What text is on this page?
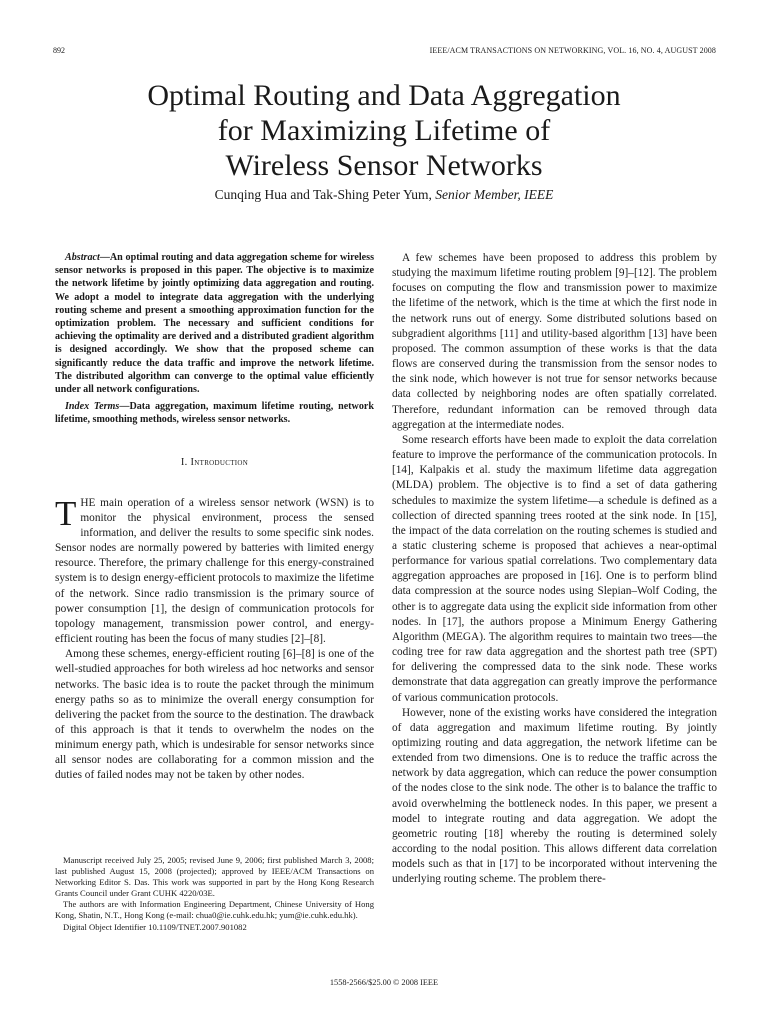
892	IEEE/ACM TRANSACTIONS ON NETWORKING, VOL. 16, NO. 4, AUGUST 2008
Optimal Routing and Data Aggregation
for Maximizing Lifetime of
Wireless Sensor Networks
Cunqing Hua and Tak-Shing Peter Yum, Senior Member, IEEE

Abstract—An optimal routing and data aggregation scheme for wireless sensor networks is proposed in this paper. The objective is to maximize the network lifetime by jointly optimizing data aggregation and routing. We adopt a model to integrate data aggregation with the underlying routing scheme and present a smoothing approximation function for the optimization problem. The necessary and sufficient conditions for achieving the optimality are derived and a distributed gradient algorithm is designed accordingly. We show that the proposed scheme can significantly reduce the data traffic and improve the network lifetime. The distributed algorithm can converge to the optimal value efficiently under all network configurations.

Index Terms—Data aggregation, maximum lifetime routing, network lifetime, smoothing methods, wireless sensor networks.

I. Introduction

THE main operation of a wireless sensor network (WSN) is to monitor the physical environment, process the sensed information, and deliver the results to some specific sink nodes. Sensor nodes are normally powered by batteries with limited energy resource. Therefore, the primary challenge for this energy-constrained system is to design energy-efficient protocols to maximize the lifetime of the network. Since radio transmission is the primary source of power consumption [1], the design of communication protocols for topology management, transmission power control, and energy-efficient routing has been the focus of many studies [2]–[8].

Among these schemes, energy-efficient routing [6]–[8] is one of the well-studied approaches for both wireless ad hoc networks and sensor networks. The basic idea is to route the packet through the minimum energy paths so as to minimize the overall energy consumption for delivering the packet from the source to the destination. The drawback of this approach is that it tends to overwhelm the nodes on the minimum energy path, which is undesirable for sensor networks since all sensor nodes are collaborating for a common mission and the duties of failed nodes may not be taken by other nodes.

Manuscript received July 25, 2005; revised June 9, 2006; first published March 3, 2008; last published August 15, 2008 (projected); approved by IEEE/ACM Transactions on Networking Editor S. Das. This work was supported in part by the Hong Kong Research Grants Council under Grant CUHK 4220/03E.

The authors are with Information Engineering Department, Chinese University of Hong Kong, Shatin, N.T., Hong Kong (e-mail: chua0@ie.cuhk.edu.hk; yum@ie.cuhk.edu.hk).

Digital Object Identifier 10.1109/TNET.2007.901082

A few schemes have been proposed to address this problem by studying the maximum lifetime routing problem [9]–[12]. The problem focuses on computing the flow and transmission power to maximize the lifetime of the network, which is the time at which the first node in the network runs out of energy. Some distributed solutions based on subgradient algorithms [11] and utility-based algorithm [13] have been proposed. The common assumption of these works is that the data flows are conserved during the transmission from the sensor nodes to the sink node, which however is not true for sensor networks because data collected by neighboring nodes are often spatially correlated. Therefore, redundant information can be removed through data aggregation at the intermediate nodes.

Some research efforts have been made to exploit the data correlation feature to improve the performance of the communication protocols. In [14], Kalpakis et al. study the maximum lifetime data aggregation (MLDA) problem. The objective is to find a set of data gathering schedules to maximize the system lifetime—a schedule is defined as a collection of directed spanning trees rooted at the sink node. In [15], the impact of the data correlation on the routing schemes is studied and a static clustering scheme is proposed that achieves a near-optimal performance for various spatial correlations. Two complementary data aggregation approaches are proposed in [16]. One is to perform blind data compression at the source nodes using Slepian–Wolf Coding, the other is to aggregate data using the explicit side information from other nodes. In [17], the authors propose a Minimum Energy Gathering Algorithm (MEGA). The algorithm requires to maintain two trees—the coding tree for raw data aggregation and the shortest path tree (SPT) for delivering the compressed data to the sink node. These works demonstrate that data aggregation can greatly improve the performance of various communication protocols.

However, none of the existing works have considered the integration of data aggregation and maximum lifetime routing. By jointly optimizing routing and data aggregation, the network lifetime can be extended from two dimensions. One is to reduce the traffic across the network by data aggregation, which can reduce the power consumption of the nodes close to the sink node. The other is to balance the traffic to avoid overwhelming the bottleneck nodes. In this paper, we present a model to integrate routing and data aggregation. We adopt the geometric routing [18] whereby the routing is determined solely according to the nodal position. This allows different data correlation models such as that in [17] to be incorporated without intervening the underlying routing scheme. The problem there-

1558-2566/$25.00 © 2008 IEEE
